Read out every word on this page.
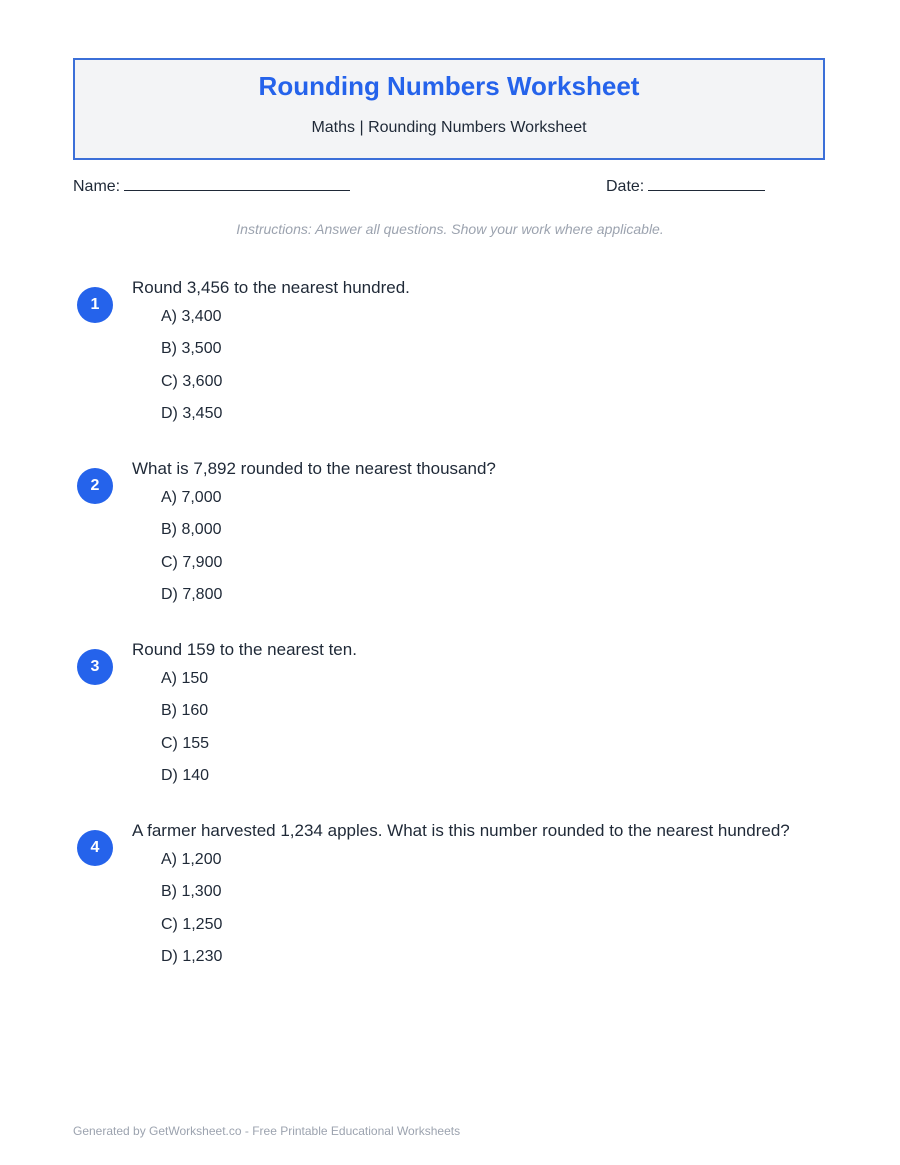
Rounding Numbers Worksheet
Maths | Rounding Numbers Worksheet
Name:	Date:
Instructions: Answer all questions. Show your work where applicable.
1
Round 3,456 to the nearest hundred.
A) 3,400
B) 3,500
C) 3,600
D) 3,450
2
What is 7,892 rounded to the nearest thousand?
A) 7,000
B) 8,000
C) 7,900
D) 7,800
3
Round 159 to the nearest ten.
A) 150
B) 160
C) 155
D) 140
4
A farmer harvested 1,234 apples. What is this number rounded to the nearest hundred?
A) 1,200
B) 1,300
C) 1,250
D) 1,230
Generated by GetWorksheet.co - Free Printable Educational Worksheets
